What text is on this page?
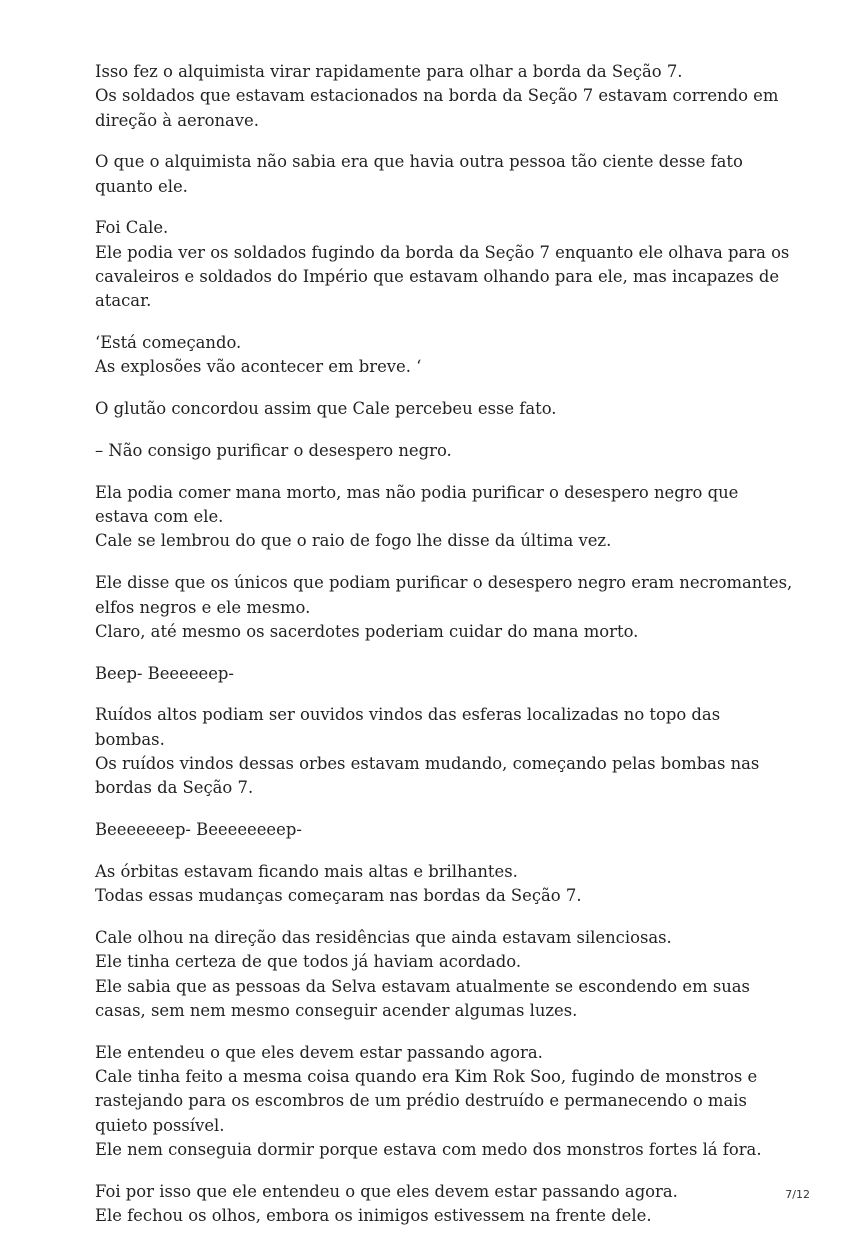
Isso fez o alquimista virar rapidamente para olhar a borda da Seção 7.
Os soldados que estavam estacionados na borda da Seção 7 estavam correndo em direção à aeronave.
O que o alquimista não sabia era que havia outra pessoa tão ciente desse fato quanto ele.
Foi Cale.
Ele podia ver os soldados fugindo da borda da Seção 7 enquanto ele olhava para os cavaleiros e soldados do Império que estavam olhando para ele, mas incapazes de atacar.
‘Está começando.
As explosões vão acontecer em breve. ‘
O glutão concordou assim que Cale percebeu esse fato.
– Não consigo purificar o desespero negro.
Ela podia comer mana morto, mas não podia purificar o desespero negro que estava com ele.
Cale se lembrou do que o raio de fogo lhe disse da última vez.
Ele disse que os únicos que podiam purificar o desespero negro eram necromantes, elfos negros e ele mesmo.
Claro, até mesmo os sacerdotes poderiam cuidar do mana morto.
Beep- Beeeeeep-
Ruídos altos podiam ser ouvidos vindos das esferas localizadas no topo das bombas.
Os ruídos vindos dessas orbes estavam mudando, começando pelas bombas nas bordas da Seção 7.
Beeeeeeep- Beeeeeeeep-
As órbitas estavam ficando mais altas e brilhantes.
Todas essas mudanças começaram nas bordas da Seção 7.
Cale olhou na direção das residências que ainda estavam silenciosas.
Ele tinha certeza de que todos já haviam acordado.
Ele sabia que as pessoas da Selva estavam atualmente se escondendo em suas casas, sem nem mesmo conseguir acender algumas luzes.
Ele entendeu o que eles devem estar passando agora.
Cale tinha feito a mesma coisa quando era Kim Rok Soo, fugindo de monstros e rastejando para os escombros de um prédio destruído e permanecendo o mais quieto possível.
Ele nem conseguia dormir porque estava com medo dos monstros fortes lá fora.
Foi por isso que ele entendeu o que eles devem estar passando agora.
Ele fechou os olhos, embora os inimigos estivessem na frente dele.
7/12
